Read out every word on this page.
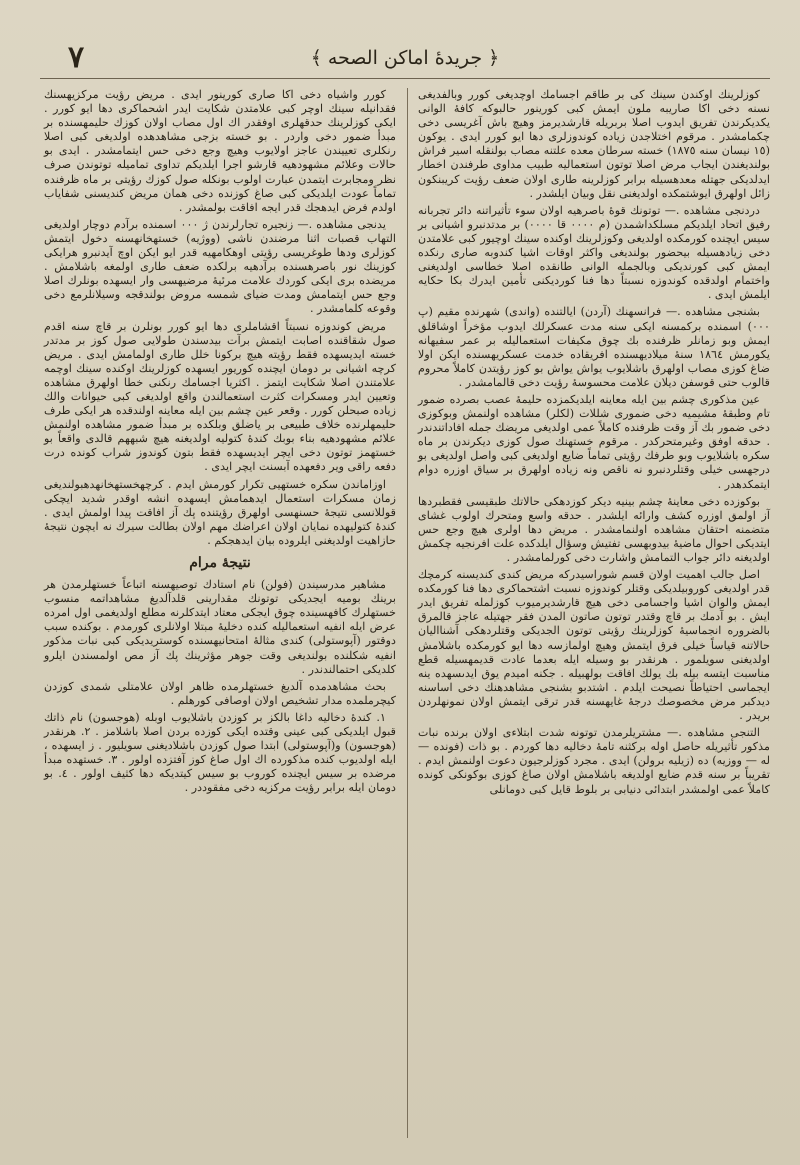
٧	﴿ جريدهٔ اماكن الصحه ﴾

كوزلرينك اوكندن سينك كى بر طاقم اجسامك اوچديغى كورر وبالفديغى نسنه دخى اكا صاريبه ملون ايمش كبى كورينور حالبوكه كافهٔ الوانى يكديكرندن تفريق ايدوب اصلا بربريله قارشديرمز وهيچ باش آغريسى دخى چكمامشدر . مرقوم اختلاجدن زياده كوندوزلرى دها ايو كورر ايدى . يوكون (١٥ نيسان سنه ١٨٧٥) خسته سرطان معده علتنه مصاب بولنقله اسير فراش بولنديغندن ايجاب مرض اصلا توتون استعماليه طبيب مداوى طرفندن اخطار ايدلديكى جهتله معدهسيله برابر كوزلرينه طارى اولان ضعف رؤيت كريبنكون زائل اولهرق ايوشتمكده اولديغنى نقل وبيان ايلشدر .

دردنجى مشاهده .— توتونك قوهٔ باصرهيه اولان سوء تأثيراتنه دائر تجربانه رفيق اتحاد ايلديكم مسلكداشمدن (م ٠٠٠٠ قا ٠٠٠٠) بر مدتدنبرو اشيانى بر سيس ايچنده كورمكده اولديغى وكوزلرينك اوكنده سينك اوچيور كبى علامتدن دخى زيادهسيله بيحضور بولنديغى واكثر اوقات اشيا كندوبه صارى رنكده ايمش كبى كورنديكى وبالجمله الوانى طانقده اصلا خطاسى اولديغنى واختمام اولدقده كوندوزه نسبتاً دها فنا كورديكنى تأمين ايدرك بكا حكايه ايلمش ايدى .

بشنجى مشاهده .— فرانسهنك (آردن) ايالتنده (واندى) شهرنده مقيم (پ ٠٠٠) اسمنده بركمسنه ايكى سنه مدت عسكرلك ايدوب مؤخراً اوشاقلق ايمش وبو زمانلر ظرفنده بك چوق مكيفات استعماليله بر عمر سفيهانه يكورمش ١٨٦٤ سنهٔ ميلاديهسنده افريقاده خدمت عسكريهسنده ايكن اولا ضاغ كوزى مصاب اولهرق باشلايوب يواش يواش بو كوز رؤيتدن كاملاً محروم قالوب حتى قوسفن ديلان علامت محسوسهٔ رؤيت دخى قالمامشدر .

عين مذكورى چشم بين ايله معاينه ايلديكمزده حليمهٔ عصب بصرده ضمور تام وطبقهٔ مشيميه دخى ضمورى شللات (لكلر) مشاهده اولنمش وبوكوزى دخى ضمور بك آز وقت ظرفنده كاملاً عمى اولديغى مريضك جمله افاداتندندر . حدقه اوفق وغيرمتحركدر . مرقوم خستهنك صول كوزى ديكرندن بر ماه سكره باشلايوب وبو طرفك رؤيتى تماماً ضايع اولديغى كبى واصل اولديغى بو درجهسى خيلى وقتلردنبرو نه ناقص ونه زياده اولهرق بر سياق اوزره دوام ايتمكدهدر .

بوكوزده دخى معاينهٔ چشم بينيه ديكر كوزدهكى حالاتك طبقيسى فقطبردها آز اولمق اوزره كشف وارائه ايلشدر . حدقه واسع ومتحرك اولوب غشاى متضمنه احتقان مشاهده اولنمامشدر . مريض دها اولرى هيچ وجع حس ايتديكى احوال ماضيهٔ بيدوبهسى تفتيش وسؤال ايلدكده علت افرنجيه چكمش اولديغنه دائر جواب التمامش واشارت دخى كورلمامشدر .

اصل جالب اهميت اولان قسم شوراسيدركه مريض كندى كنديسنه كرمچك قدر اولديغى كوروبيلديكى وقتلر كوندوزه نسبت اشتحماكرى دها فنا كورمكده ايمش والوان اشيا واجسامى دخى هيچ قارشديرميوب كوزلمله تفريق ايدر ايش . بو آدمك بر قاچ وقتدر توتون صاتون المدن فقر جهتيله عاجز قالمرق بالضروره انجماسيهٔ كوزلرينك رؤيتى توتون الجديكى وقتلردهكى آشنااليان حالاتنه قياساً خيلى فرق ايتمش وهيچ اولمازسه دها ايو كورمكده باشلامش اولديغنى سويلمور . هرنقدر بو وسيله ايله بعدما عادت قديمهسيله قطع مناسبت ايتسه بيله بك يولك افاقت بولهبيله . جكنه اميدم يوق ايدىسهده ينه ايجماسى احتياطاً نصيحت ايلدم . اشتدبو بشنجى مشاهدهنك دخى اساسنه ديدكبر مرض مخصوصك درجهٔ غايهسنه قدر ترقى ايتمش اولان نمونهلردن بريدر .

التنجى مشاهده .— مشتريلرمدن توتونه شدت ابتلاءى اولان برنده نبات مذكور تأثيريله حاصل اوله بركثنه تامهٔ دخاليه دها كوردم . بو ذات (فونده — له — ووزيه) ده (زيليه برولن) ايدى . مجرد كوزلرجيون دعوت اولنمش ايدم . تقريباً بر سنه قدم ضايع اولديغه باشلامش اولان صاغ كوزى بوكونكى كونده كاملاً عمى اولمشدر ابتدائى دنيابى بر بلوط قايل كبى دومانلى

كورر واشياه دخى اكا صارى كورينور ايدى . مريض رؤيت مركزيهسنك فقدانيله سينك اوچر كبى علامتدن شكايت ايدر اشحماكرى دها ايو كورر . ايكى كوزلرينك حدقهلرى اوفقدر اك اول مصاب اولان كوزك حليمهسنده بر مبدأ ضمور دخى واردر . بو خسته بزجى مشاهدهده اولديغى كبى اصلا رنكلرى تعييندن عاجز اولايوب وهيچ وجع دخى حس ايتمامشدر . ايدى بو حالات وعلائم مشهودهيه قارشو اجرا ايلديكم تداوى تماميله توتوندن صرف نظر ومجابرت ايتمدن عبارت اولوب بونكله صول كوزك رؤيتى بر ماه ظرفنده تماماً عودت ايلديكى كبى صاغ كوزنده دخى همان مريض كنديسنى شفاياب اولدم فرض ايدهجك قدر ايجه افاقت بولمشدر .

يدنجى مشاهده .— زنجيره تجارلرندن ژ ٠٠٠ اسمنده برآدم دوچار اولديغى التهاب قصبات اثنا مرضندن ناشى (ووژيه) خستهخانهسنه دخول ايتمش كوزلرى ودها طوغريسى رؤيتى اوهكامهيه قدر ايو ايكن اوچ آيدنبرو هرايكى كوزينك نور باصرهسنده برآدهيه برلكده ضعف طارى اولمغه باشلامش . مريضده برى ايكى كوردك علامت مرئيهٔ مرضيهسى وار ايسهده بونلرك اصلا وجع حس ايتمامش ومدت ضياى شمسه مروض بولندقجه وسيلانلرمع دخى وقوعه كلمامشدر .

مريض كوندوزه نسبتاً اقشاملرى دها ايو كورر بونلرن بر قاچ سنه اقدم صول شقاقنده اصابت ايتمش برآت بيدسندن طولايى صول كوز بر مدتدر خسته ايديسهده فقط رؤيته هيچ بركونا خلل طارى اولمامش ايدى . مريض كرچه اشيانى بر دومان ايچنده كوريور ايسهده كوزلرينك اوكنده سينك اوچمه علامتندن اصلا شكايت ايتمز . اكثريا اجسامك رنكنى خطا اولهرق مشاهده وتعيين ايدر ومسكرات كثرت استعمالندن واقع اولديغى كبى حيوانات والك زياده صبحلن كورر . وقعر عين چشم بين ايله معاينه اولندقده هر ايكى طرف حليمهلرنده خلاف طبيعى بر ياضلق وبلكده بر مبدأ ضمور مشاهده اولنمش علائم مشهودهيه بناء بوبك كندهٔ كتوليه اولديغنه هيچ شبههم قالدى واقعاً بو خستهمز توتون دخى ايچر ايديسهده فقط بتون كوندوز شراب كونده درت دفعه راقى وير دفعهده آبسنت ايچر ايدى .

اوزاماندن سكره خستهيى تكرار كورمش ايدم . كرچهخستهخانهدهبولنديغى زمان مسكرات استعمال ايدهمامش ايسهده انشه اوقدر شديد ايچكى قوللانسى نتيجهٔ حسنهسى اولهرق رؤيتنده پك آز افاقت پيدا اولمش ايدى . كندهٔ كتوليهده نمايان اولان اعراضك مهم اولان بطالت سيرك نه ايچون نتيجهٔ حازاهيت اولديغنى ايلروده بيان ايدهجكم .

نتيجهٔ مرام

مشاهير مدرسيندن (فولن) نام استادك توصيهسنه اتباعاً خستهلرمدن هر برينك بوميه ايجديكى توتونك مقدارينى قلدآلديغ مشاهداتمه منسوب خستهلرك كافهسينده چوق ايجكى معتاد ايتدكلرنه مطلع اولديغمى اول امرده عرض ايله انفيه استعماليله كنده دخليهٔ مبتلا اولانلرى كورمدم . بوكنده سبب دوقتور (آپوستولى) كندى مثالهٔ امتحانيهسنده كوستريديكى كبى نبات مذكور انفيه شكلنده بولنديغى وقت جوهر مؤثرينك پك آز مص اولمسندن ايلرو كلديكى احتمالندندر .

بحث مشاهدمده آلديغ خستهلرمده ظاهر اولان علامتلى شمدى كوزدن كيچرملمده مدار تشخيص اولان اوصافى كورهلم .

١. كندهٔ دخاليه داغا بالكز بر كوزدن باشلايوب اوبله (هوجسون) نام ذاتك قبول ايلديكى كبى عينى وقتده ايكى كوزده بردن اصلا باشلامز . ٢. هرنقدر (هوجسون) و(آپوستولى) ابتدا صول كوزدن باشلاديغنى سويليور . ز ايسهده ، ايله اولديوب كنده مذكورده اك اول صاغ كوز آفتزده اولور . ٣. خستهده مبدأ مرضده بر سيس ايچنده كوروب بو سيس كيتديكه دها كثيف اولور . ٤. بو دومان ايله برابر رؤيت مركزيه دخى مفقوددر .
